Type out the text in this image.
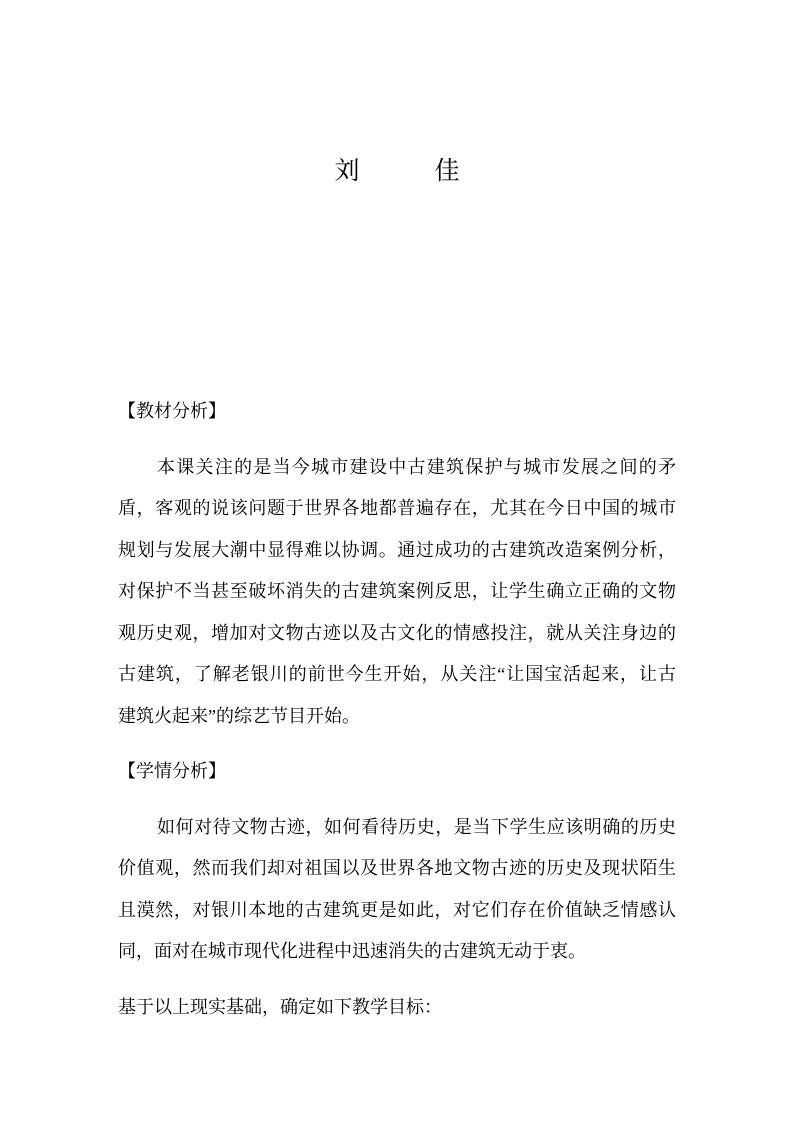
刘　　　佳
【教材分析】
本课关注的是当今城市建设中古建筑保护与城市发展之间的矛
盾，客观的说该问题于世界各地都普遍存在，尤其在今日中国的城市
规划与发展大潮中显得难以协调。通过成功的古建筑改造案例分析，
对保护不当甚至破坏消失的古建筑案例反思，让学生确立正确的文物
观历史观，增加对文物古迹以及古文化的情感投注，就从关注身边的
古建筑，了解老银川的前世今生开始，从关注“让国宝活起来，让古
建筑火起来”的综艺节目开始。
【学情分析】
如何对待文物古迹，如何看待历史，是当下学生应该明确的历史
价值观，然而我们却对祖国以及世界各地文物古迹的历史及现状陌生
且漠然，对银川本地的古建筑更是如此，对它们存在价值缺乏情感认
同，面对在城市现代化进程中迅速消失的古建筑无动于衷。
基于以上现实基础，确定如下教学目标：
